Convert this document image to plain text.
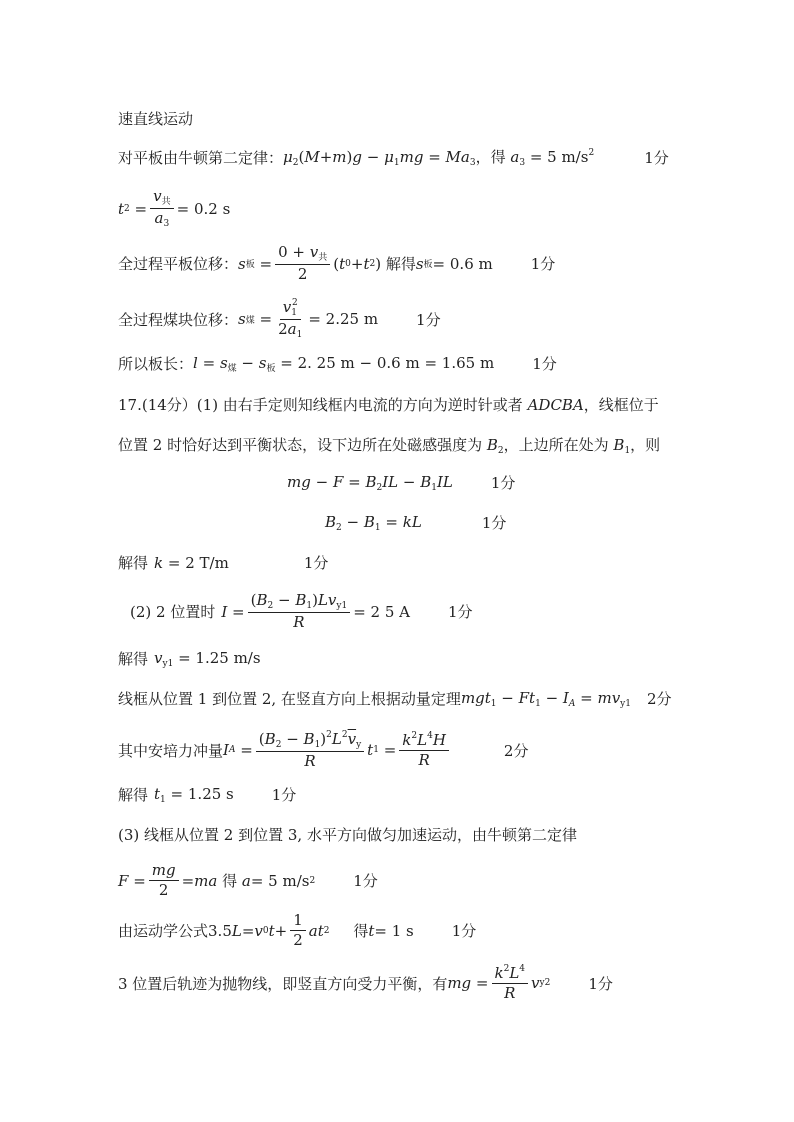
速直线运动
对平板由牛顿第二定律： $\mu_2(M+m)g - \mu_1mg = Ma_3$，得 $a_3 = 5$ $m/s^2$	1分
t $2 = \frac{v_共}{a_3} = 0.2$ s
全过程平板位移： s 板 = $\frac{0 + v_共}{2}$ ( t 0 + t 2 ) 解得 s 板 = 0.6 m	1分
全过程煤块位移： s 煤 = $\frac{v_1^2}{2a_1} = 2.25$ m	1分
所以板长： $l = s_煤 - s_板 = 2$. 25 m − 0.6 m = 1.65 m	1分
17.(14分）(1) 由右手定则知线框内电流的方向为逆时针或者 ADCBA，线框位于
位置 2 时恰好达到平衡状态，设下边所在处磁感强度为 $B_2$，上边所在处为 $B_1$，则
mg − $F = B_2IL - B_1IL$	1分
$B_2 - B_1$ = kL	1分
解得 k = 2 T/m	1分
(2) 2 位置时 $I = \frac{(B_2 - B_1)Lv_{y1}}{R} = 2$ 5 A	1分
解得 $v_{y1} = 1.25$ m/s
线框从位置 1 到位置 2, 在竖直方向上根据动量定理 $mgt_1 - Ft_1 - I_A = mv_{y1}$ 2分
其中安培力冲量 I $A = \frac{(B_2 - B_1)^2L^2\overline{v}_y}{R}$ t $1 = \frac{k^2L^4H}{R}$	2分
解得 $t_1 = 1.25$ s	1分
(3) 线框从位置 2 到位置 3, 水平方向做匀加速运动，由牛顿第二定律
$F = \frac{mg}{2}$ = ma 得 a = 5 m/s 2	1分
由运动学公式 3.5 L = v 0 $t + \frac{1}{2}$ at 2 得 t = 1 s	1分
3 位置后轨迹为抛物线，即竖直方向受力平衡，有 mg = $\frac{k^2L^4}{R}$ v y2	1分
